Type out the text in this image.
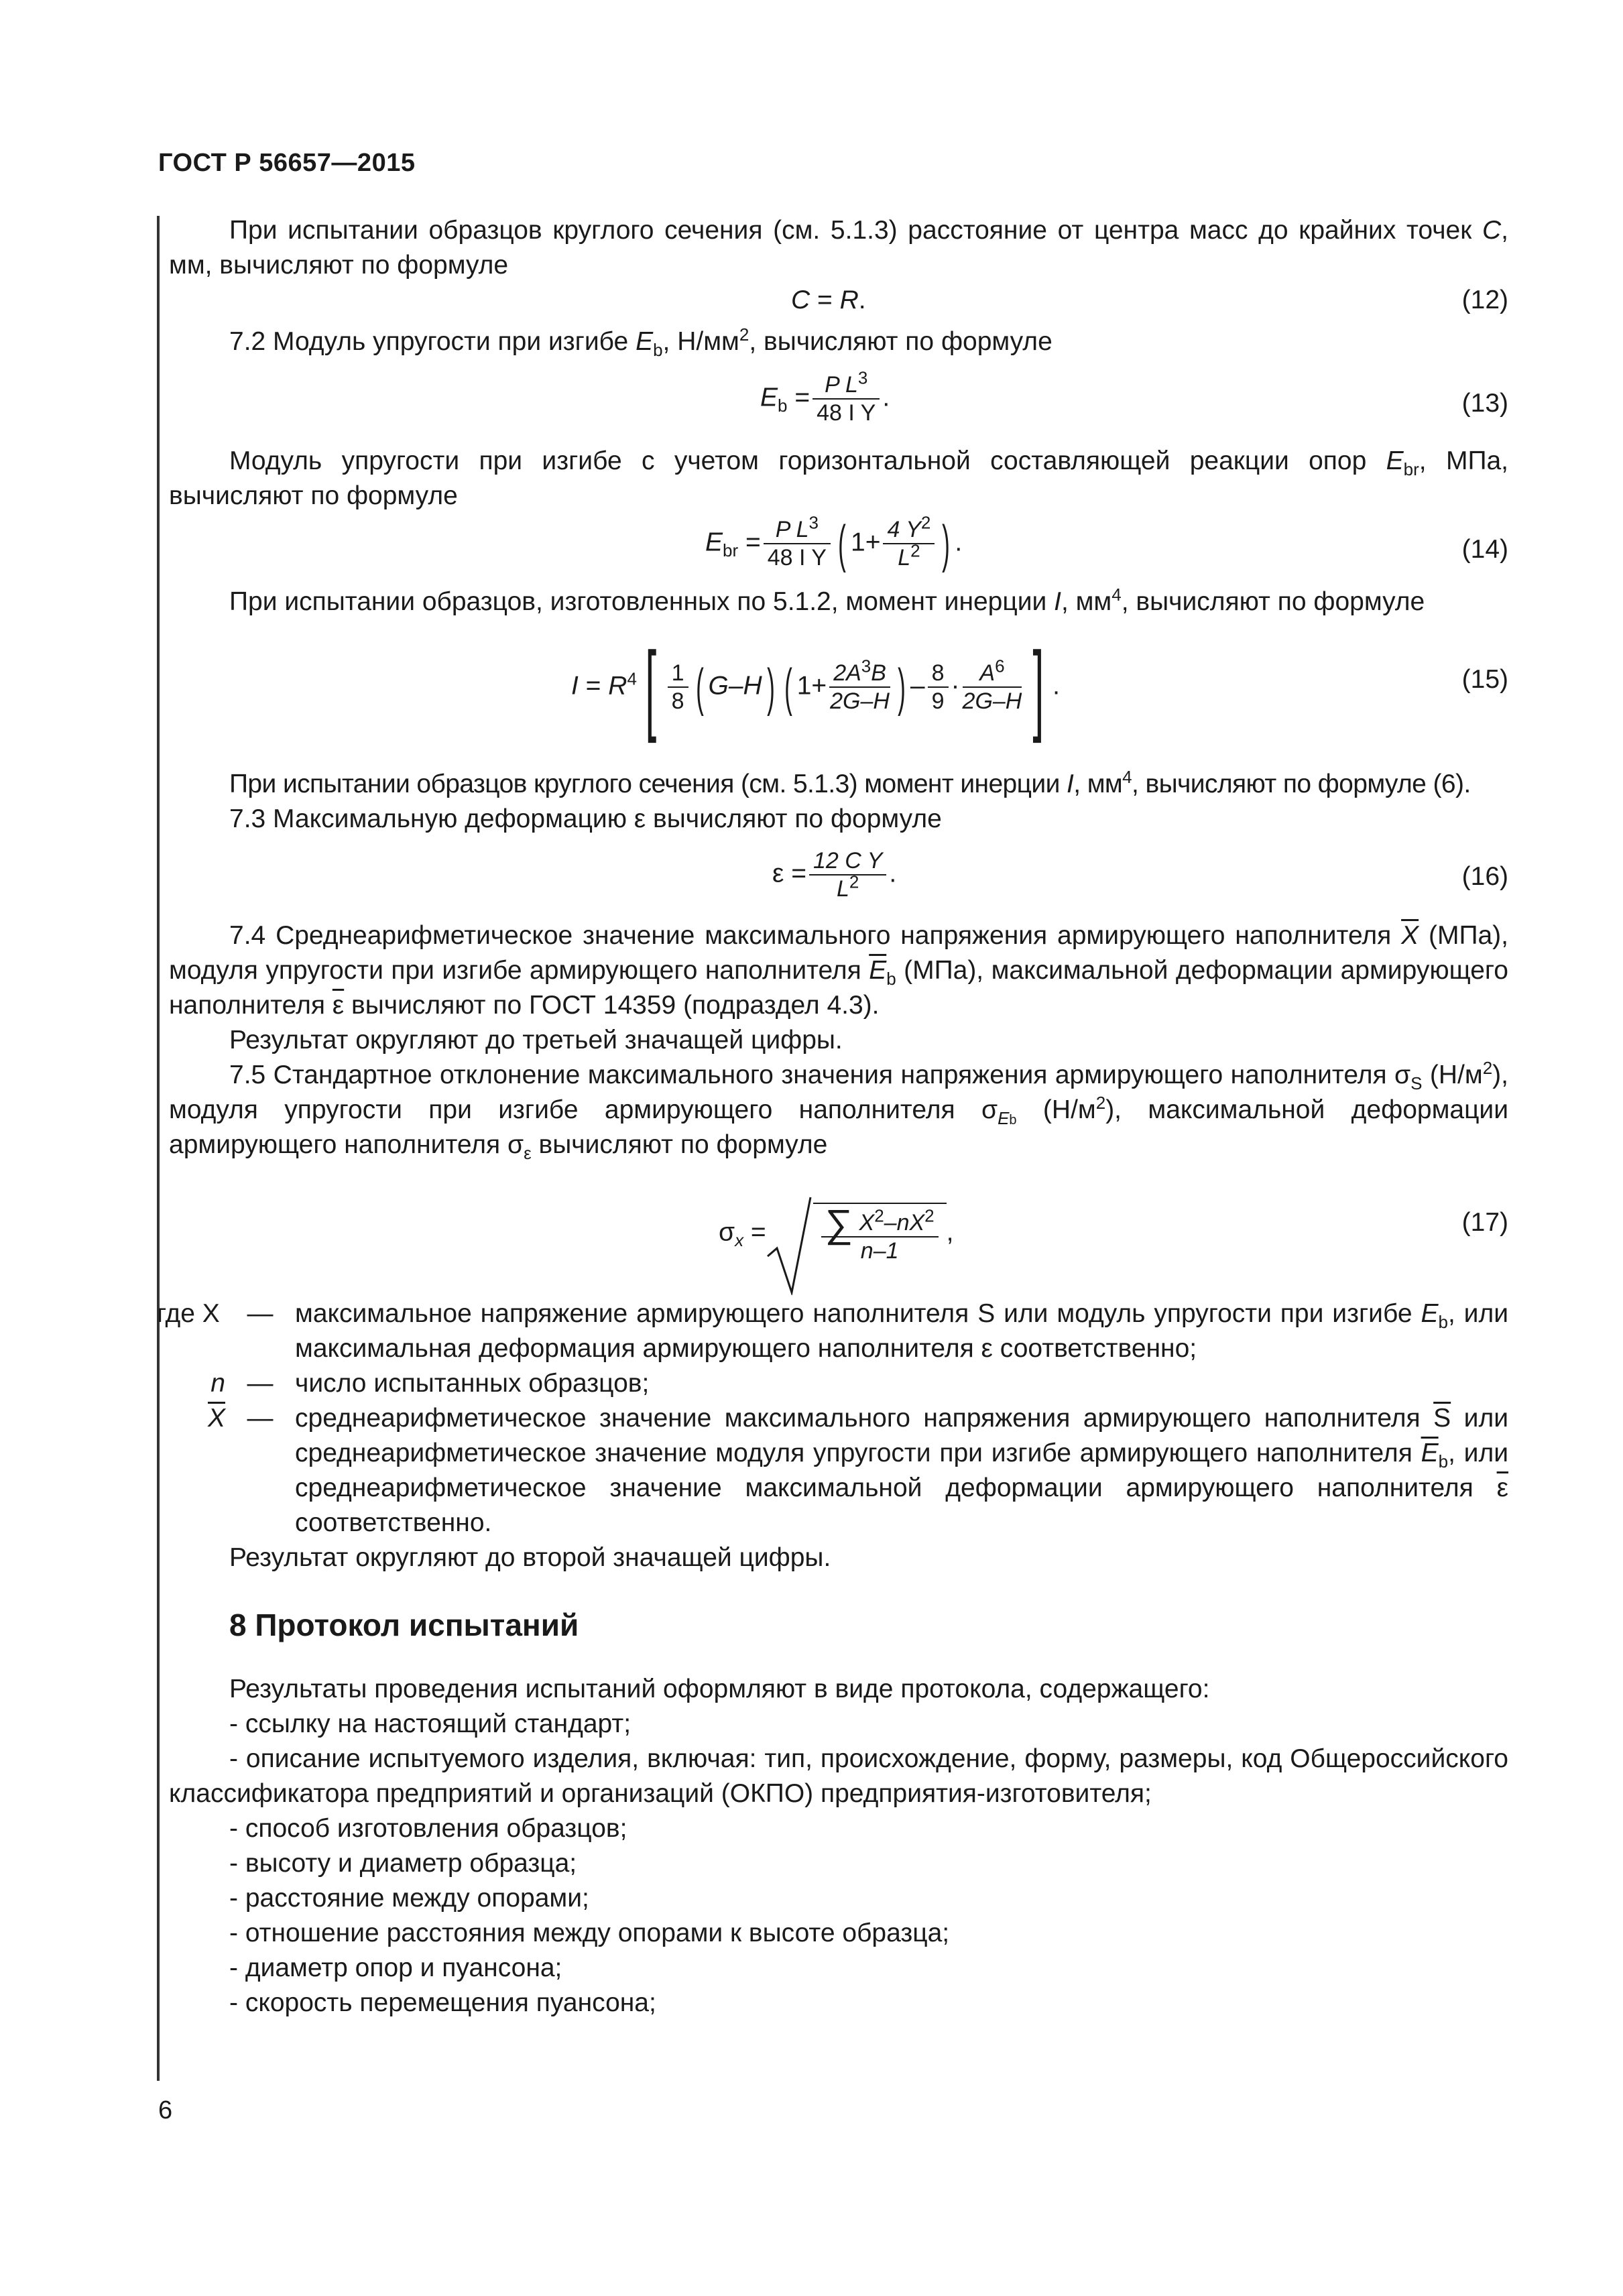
ГОСТ Р 56657—2015

При испытании образцов круглого сечения (см. 5.1.3) расстояние от центра масс до крайних точек C, мм, вычисляют по формуле

C = R.	(12)

7.2 Модуль упругости при изгибе $E_b$, $Н/мм^2$, вычисляют по формуле

$E_b = \frac{P L^3}{\text{48 I Y}}$ .	(13)

Модуль упругости при изгибе с учетом горизонтальной составляющей реакции опор $E_{br}$, МПа, вычисляют по формуле

$E_{br} = \frac{P L^3}{\text{48 I Y}}$ ( $1+ \frac{4 Y^2}{L^2}$ ) .	(14)

При испытании образцов, изготовленных по 5.1.2, момент инерции I, $мм^4$, вычисляют по формуле

$I = R^4[ \frac{1}{8}$ ( G–H) ( $1+ \frac{2A^3B}{2G-H}$ ) – $\frac{8}{9} \cdot \frac{A^6}{2G-H}$ ] .	(15)

При испытании образцов круглого сечения (см. 5.1.3) момент инерции I, $мм^4$, вычисляют по формуле (6).

7.3 Максимальную деформацию ε вычисляют по формуле

$\varepsilon = \frac{\text{12 C Y}}{L^2}$ .	(16)

7.4 Среднеарифметическое значение максимального напряжения армирующего наполнителя $\overline{X}$ (МПа), модуля упругости при изгибе армирующего наполнителя $\overline{E}_b$ (МПа), максимальной деформации армирующего наполнителя $\overline{\varepsilon}$ вычисляют по ГОСТ 14359 (подраздел 4.3).

Результат округляют до третьей значащей цифры.

7.5 Стандартное отклонение максимального значения напряжения армирующего наполнителя $\sigma_S$ $(Н/м^2)$, модуля упругости при изгибе армирующего наполнителя $\sigma_{Eb}$ $(Н/м^2)$, максимальной деформации армирующего наполнителя $\sigma_\varepsilon$ вычисляют по формуле

$\sigma_x = \frac{\sum X^2-nX^2}{n-1}$ ,	(17)
где X	— максимальное напряжение армирующего наполнителя S или модуль упругости при изгибе $E_b$, или максимальная деформация армирующего наполнителя ε соответственно;
n — число испытанных образцов;
$\overline{X}$ — среднеарифметическое значение максимального напряжения армирующего наполнителя $\overline{S}$ или среднеарифметическое значение модуля упругости при изгибе армирующего наполнителя $\overline{E}_b$, или среднеарифметическое значение максимальной деформации армирующего наполнителя $\overline{\varepsilon}$ соответственно.

Результат округляют до второй значащей цифры.

8 Протокол испытаний

Результаты проведения испытаний оформляют в виде протокола, содержащего:

- ссылку на настоящий стандарт;

- описание испытуемого изделия, включая: тип, происхождение, форму, размеры, код Общероссийского классификатора предприятий и организаций (ОКПО) предприятия-изготовителя;

- способ изготовления образцов;

- высоту и диаметр образца;

- расстояние между опорами;

- отношение расстояния между опорами к высоте образца;

- диаметр опор и пуансона;

- скорость перемещения пуансона;

6
